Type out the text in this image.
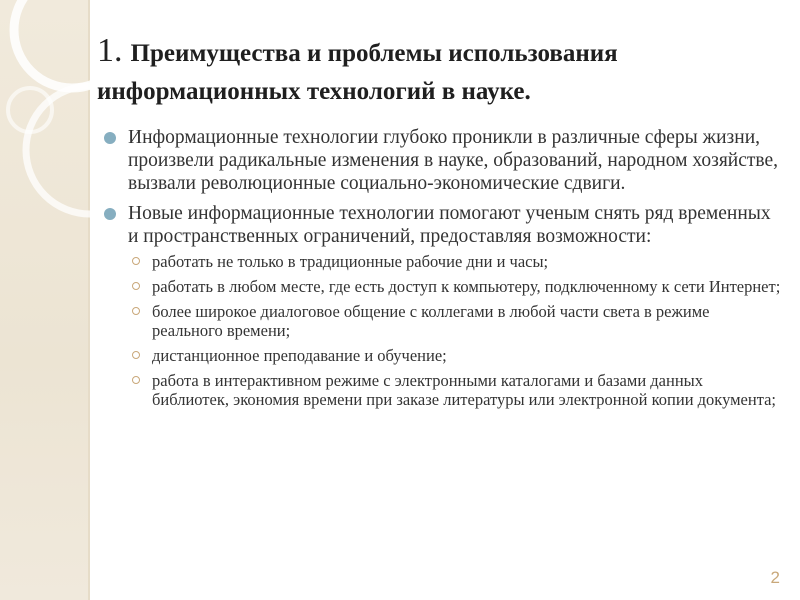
1. Преимущества и проблемы использования информационных технологий в науке.
Информационные технологии глубоко проникли в различные сферы жизни, произвели радикальные изменения в науке, образований, народном хозяйстве, вызвали революционные социально-экономические сдвиги.
Новые информационные технологии помогают ученым снять ряд временных и пространственных ограничений, предоставляя возможности:
работать не только в традиционные рабочие дни и часы;
работать в любом месте, где есть доступ к компьютеру, подключенному к сети Интернет;
более широкое диалоговое общение с коллегами в любой части света в режиме реального времени;
дистанционное преподавание и обучение;
работа в интерактивном режиме с электронными каталогами и базами данных библиотек, экономия времени при заказе литературы или электронной копии документа;
2
